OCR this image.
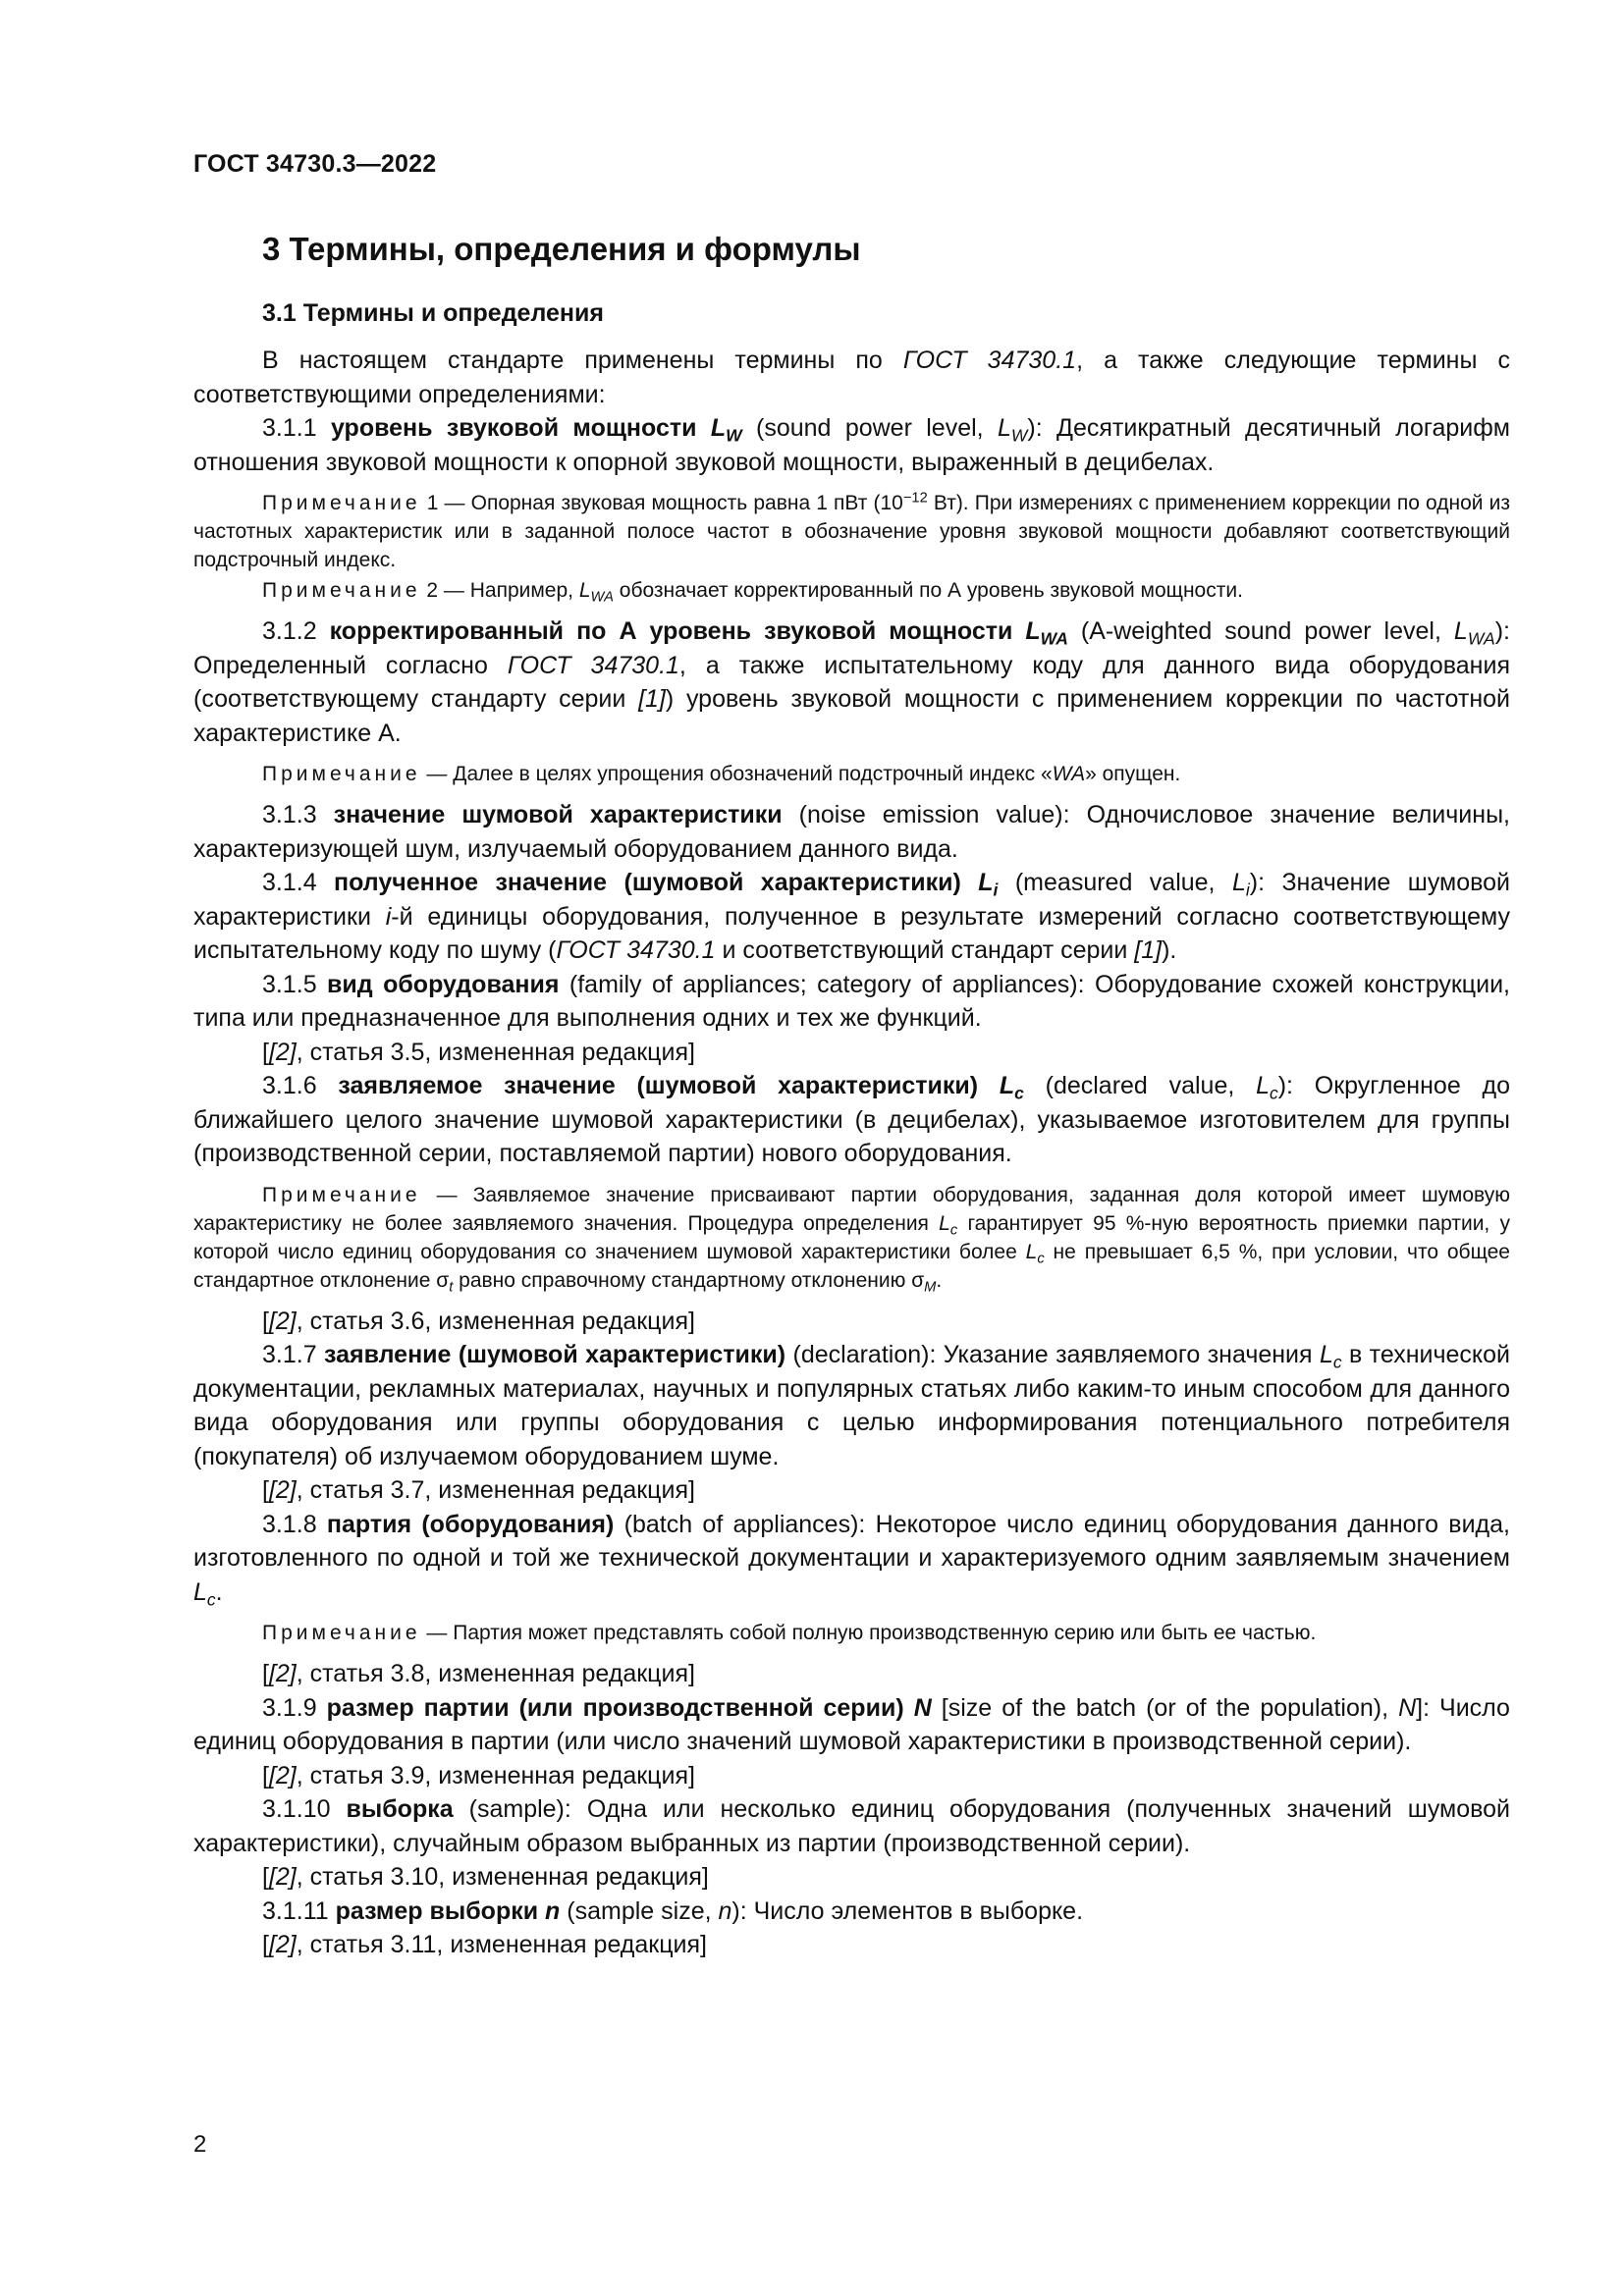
ГОСТ 34730.3—2022
3 Термины, определения и формулы
3.1 Термины и определения

В настоящем стандарте применены термины по ГОСТ 34730.1, а также следующие термины с соответствующими определениями:

3.1.1 уровень звуковой мощности $L_W$ (sound power level, $L_W$): Десятикратный десятичный логарифм отношения звуковой мощности к опорной звуковой мощности, выраженный в децибелах.

Примечание 1 — Опорная звуковая мощность равна 1 пВт ($10^{-12}$ Вт). При измерениях с применением коррекции по одной из частотных характеристик или в заданной полосе частот в обозначение уровня звуковой мощности добавляют соответствующий подстрочный индекс.

Примечание 2 — Например, $L_{WA}$ обозначает корректированный по А уровень звуковой мощности.

3.1.2 корректированный по А уровень звуковой мощности $L_{WA}$ (A-weighted sound power level, $L_{WA}$): Определенный согласно ГОСТ 34730.1, а также испытательному коду для данного вида оборудования (соответствующему стандарту серии [1]) уровень звуковой мощности с применением коррекции по частотной характеристике А.

Примечание — Далее в целях упрощения обозначений подстрочный индекс «WA» опущен.

3.1.3 значение шумовой характеристики (noise emission value): Одночисловое значение величины, характеризующей шум, излучаемый оборудованием данного вида.

3.1.4 полученное значение (шумовой характеристики) $L_i$ (measured value, $L_i$): Значение шумовой характеристики i-й единицы оборудования, полученное в результате измерений согласно соответствующему испытательному коду по шуму (ГОСТ 34730.1 и соответствующий стандарт серии [1]).

3.1.5 вид оборудования (family of appliances; category of appliances): Оборудование схожей конструкции, типа или предназначенное для выполнения одних и тех же функций.

[[2], статья 3.5, измененная редакция]

3.1.6 заявляемое значение (шумовой характеристики) $L_c$ (declared value, $L_c$): Округленное до ближайшего целого значение шумовой характеристики (в децибелах), указываемое изготовителем для группы (производственной серии, поставляемой партии) нового оборудования.

Примечание — Заявляемое значение присваивают партии оборудования, заданная доля которой имеет шумовую характеристику не более заявляемого значения. Процедура определения $L_c$ гарантирует 95 %-ную вероятность приемки партии, у которой число единиц оборудования со значением шумовой характеристики более $L_c$ не превышает 6,5 %, при условии, что общее стандартное отклонение $\sigma_t$ равно справочному стандартному отклонению $\sigma_M$.

[[2], статья 3.6, измененная редакция]

3.1.7 заявление (шумовой характеристики) (declaration): Указание заявляемого значения $L_c$ в технической документации, рекламных материалах, научных и популярных статьях либо каким-то иным способом для данного вида оборудования или группы оборудования с целью информирования потенциального потребителя (покупателя) об излучаемом оборудованием шуме.

[[2], статья 3.7, измененная редакция]

3.1.8 партия (оборудования) (batch of appliances): Некоторое число единиц оборудования данного вида, изготовленного по одной и той же технической документации и характеризуемого одним заявляемым значением $L_c$.

Примечание — Партия может представлять собой полную производственную серию или быть ее частью.

[[2], статья 3.8, измененная редакция]

3.1.9 размер партии (или производственной серии) N [size of the batch (or of the population), N]: Число единиц оборудования в партии (или число значений шумовой характеристики в производственной серии).

[[2], статья 3.9, измененная редакция]

3.1.10 выборка (sample): Одна или несколько единиц оборудования (полученных значений шумовой характеристики), случайным образом выбранных из партии (производственной серии).

[[2], статья 3.10, измененная редакция]

3.1.11 размер выборки n (sample size, n): Число элементов в выборке.

[[2], статья 3.11, измененная редакция]

2
